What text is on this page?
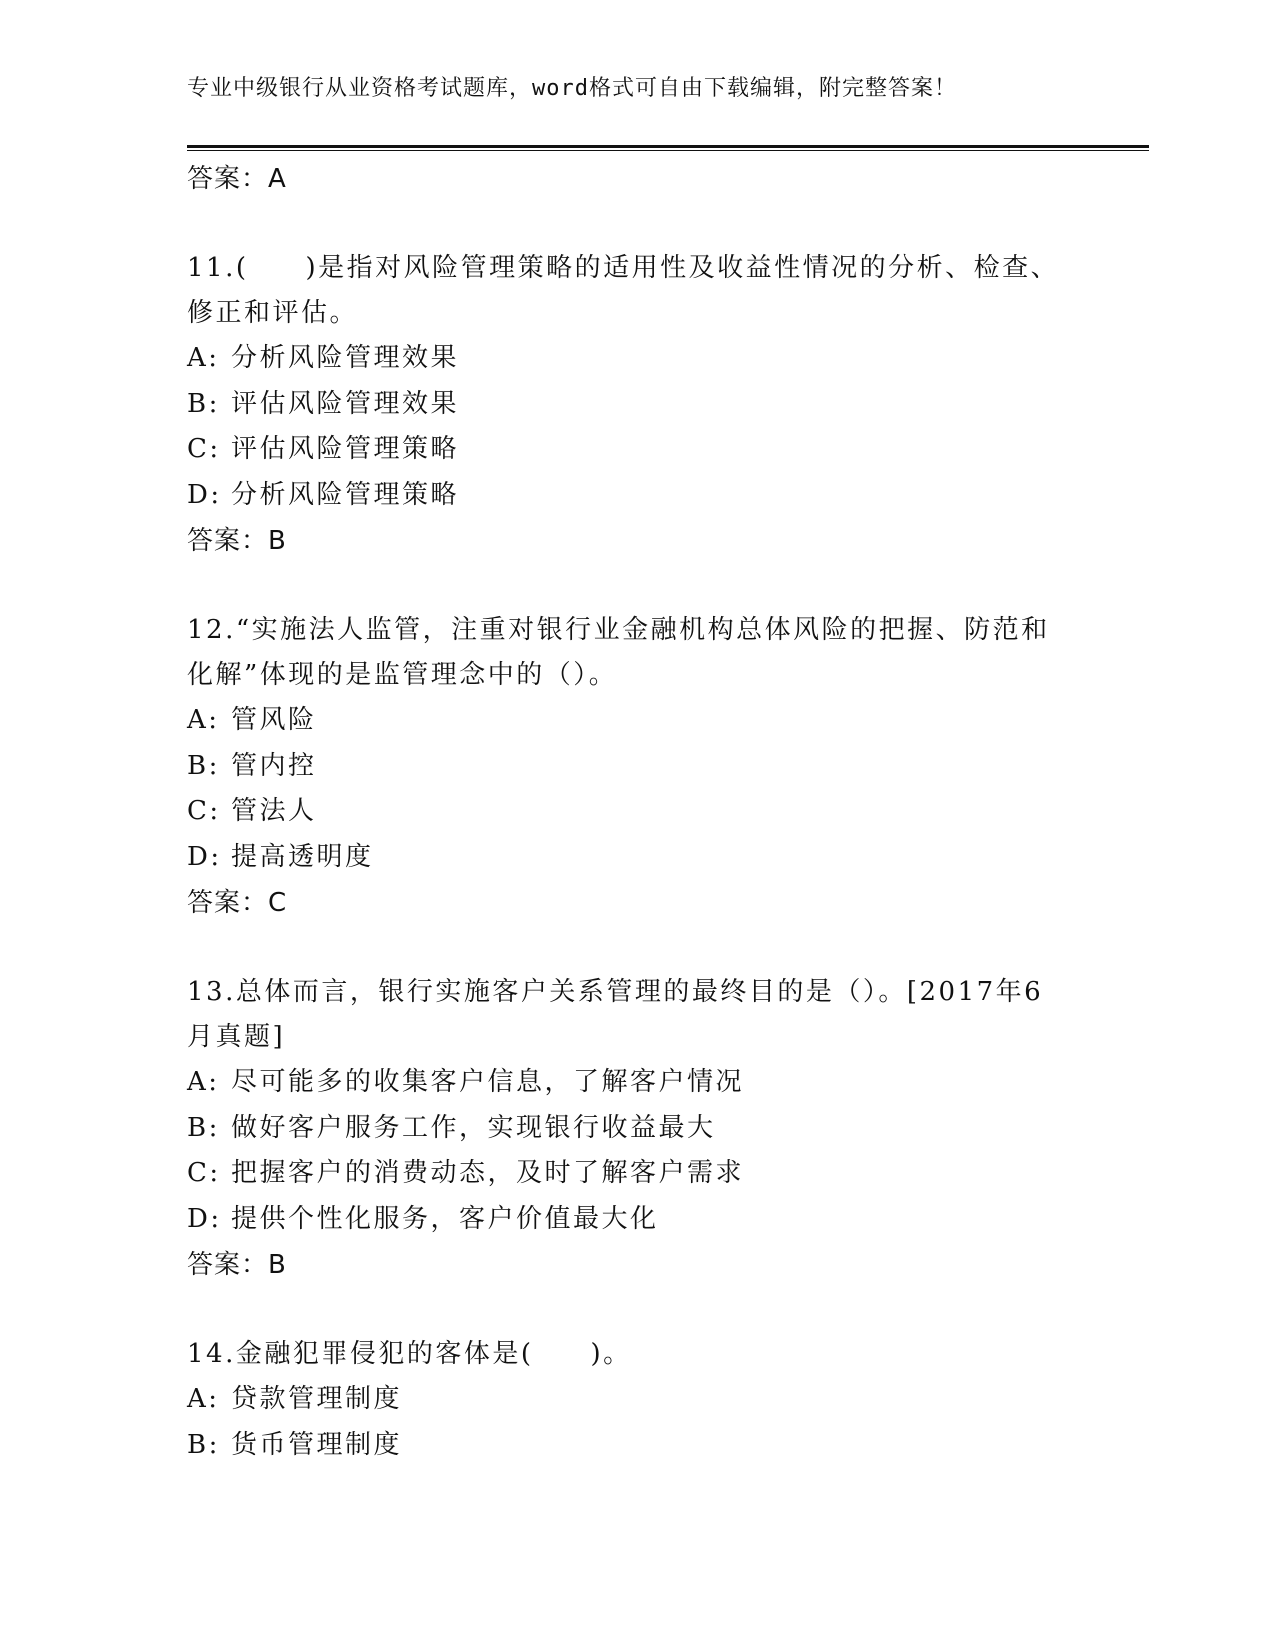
专业中级银行从业资格考试题库，word格式可自由下载编辑，附完整答案！
答案：A
11.(　　)是指对风险管理策略的适用性及收益性情况的分析、检查、修正和评估。
A: 分析风险管理效果
B: 评估风险管理效果
C: 评估风险管理策略
D: 分析风险管理策略
答案：B
12.“实施法人监管，注重对银行业金融机构总体风险的把握、防范和化解”体现的是监管理念中的（）。
A: 管风险
B: 管内控
C: 管法人
D: 提高透明度
答案：C
13.总体而言，银行实施客户关系管理的最终目的是（）。[2017年6月真题]
A: 尽可能多的收集客户信息，了解客户情况
B: 做好客户服务工作，实现银行收益最大
C: 把握客户的消费动态，及时了解客户需求
D: 提供个性化服务，客户价值最大化
答案：B
14.金融犯罪侵犯的客体是(　　)。
A: 贷款管理制度
B: 货币管理制度
